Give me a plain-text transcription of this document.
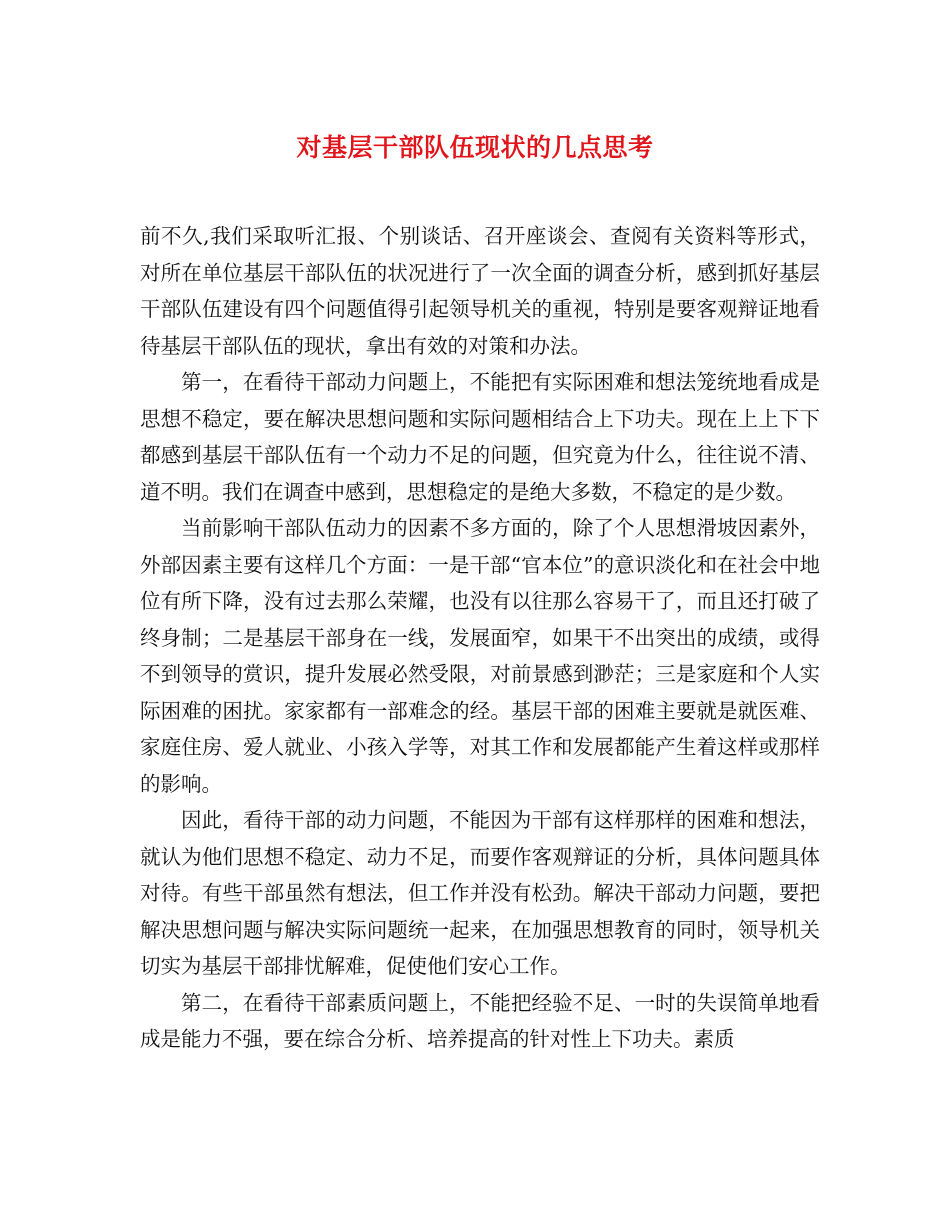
对基层干部队伍现状的几点思考

前不久,我们采取听汇报、个别谈话、召开座谈会、查阅有关资料等形式，对所在单位基层干部队伍的状况进行了一次全面的调查分析，感到抓好基层干部队伍建设有四个问题值得引起领导机关的重视，特别是要客观辩证地看待基层干部队伍的现状，拿出有效的对策和办法。

第一，在看待干部动力问题上，不能把有实际困难和想法笼统地看成是思想不稳定，要在解决思想问题和实际问题相结合上下功夫。现在上上下下都感到基层干部队伍有一个动力不足的问题，但究竟为什么，往往说不清、道不明。我们在调查中感到，思想稳定的是绝大多数，不稳定的是少数。

当前影响干部队伍动力的因素不多方面的，除了个人思想滑坡因素外，外部因素主要有这样几个方面：一是干部“官本位”的意识淡化和在社会中地位有所下降，没有过去那么荣耀，也没有以往那么容易干了，而且还打破了终身制；二是基层干部身在一线，发展面窄，如果干不出突出的成绩，或得不到领导的赏识，提升发展必然受限，对前景感到渺茫；三是家庭和个人实际困难的困扰。家家都有一部难念的经。基层干部的困难主要就是就医难、家庭住房、爱人就业、小孩入学等，对其工作和发展都能产生着这样或那样的影响。

因此，看待干部的动力问题，不能因为干部有这样那样的困难和想法，就认为他们思想不稳定、动力不足，而要作客观辩证的分析，具体问题具体对待。有些干部虽然有想法，但工作并没有松劲。解决干部动力问题，要把解决思想问题与解决实际问题统一起来，在加强思想教育的同时，领导机关切实为基层干部排忧解难，促使他们安心工作。

第二，在看待干部素质问题上，不能把经验不足、一时的失误简单地看成是能力不强，要在综合分析、培养提高的针对性上下功夫。素质
